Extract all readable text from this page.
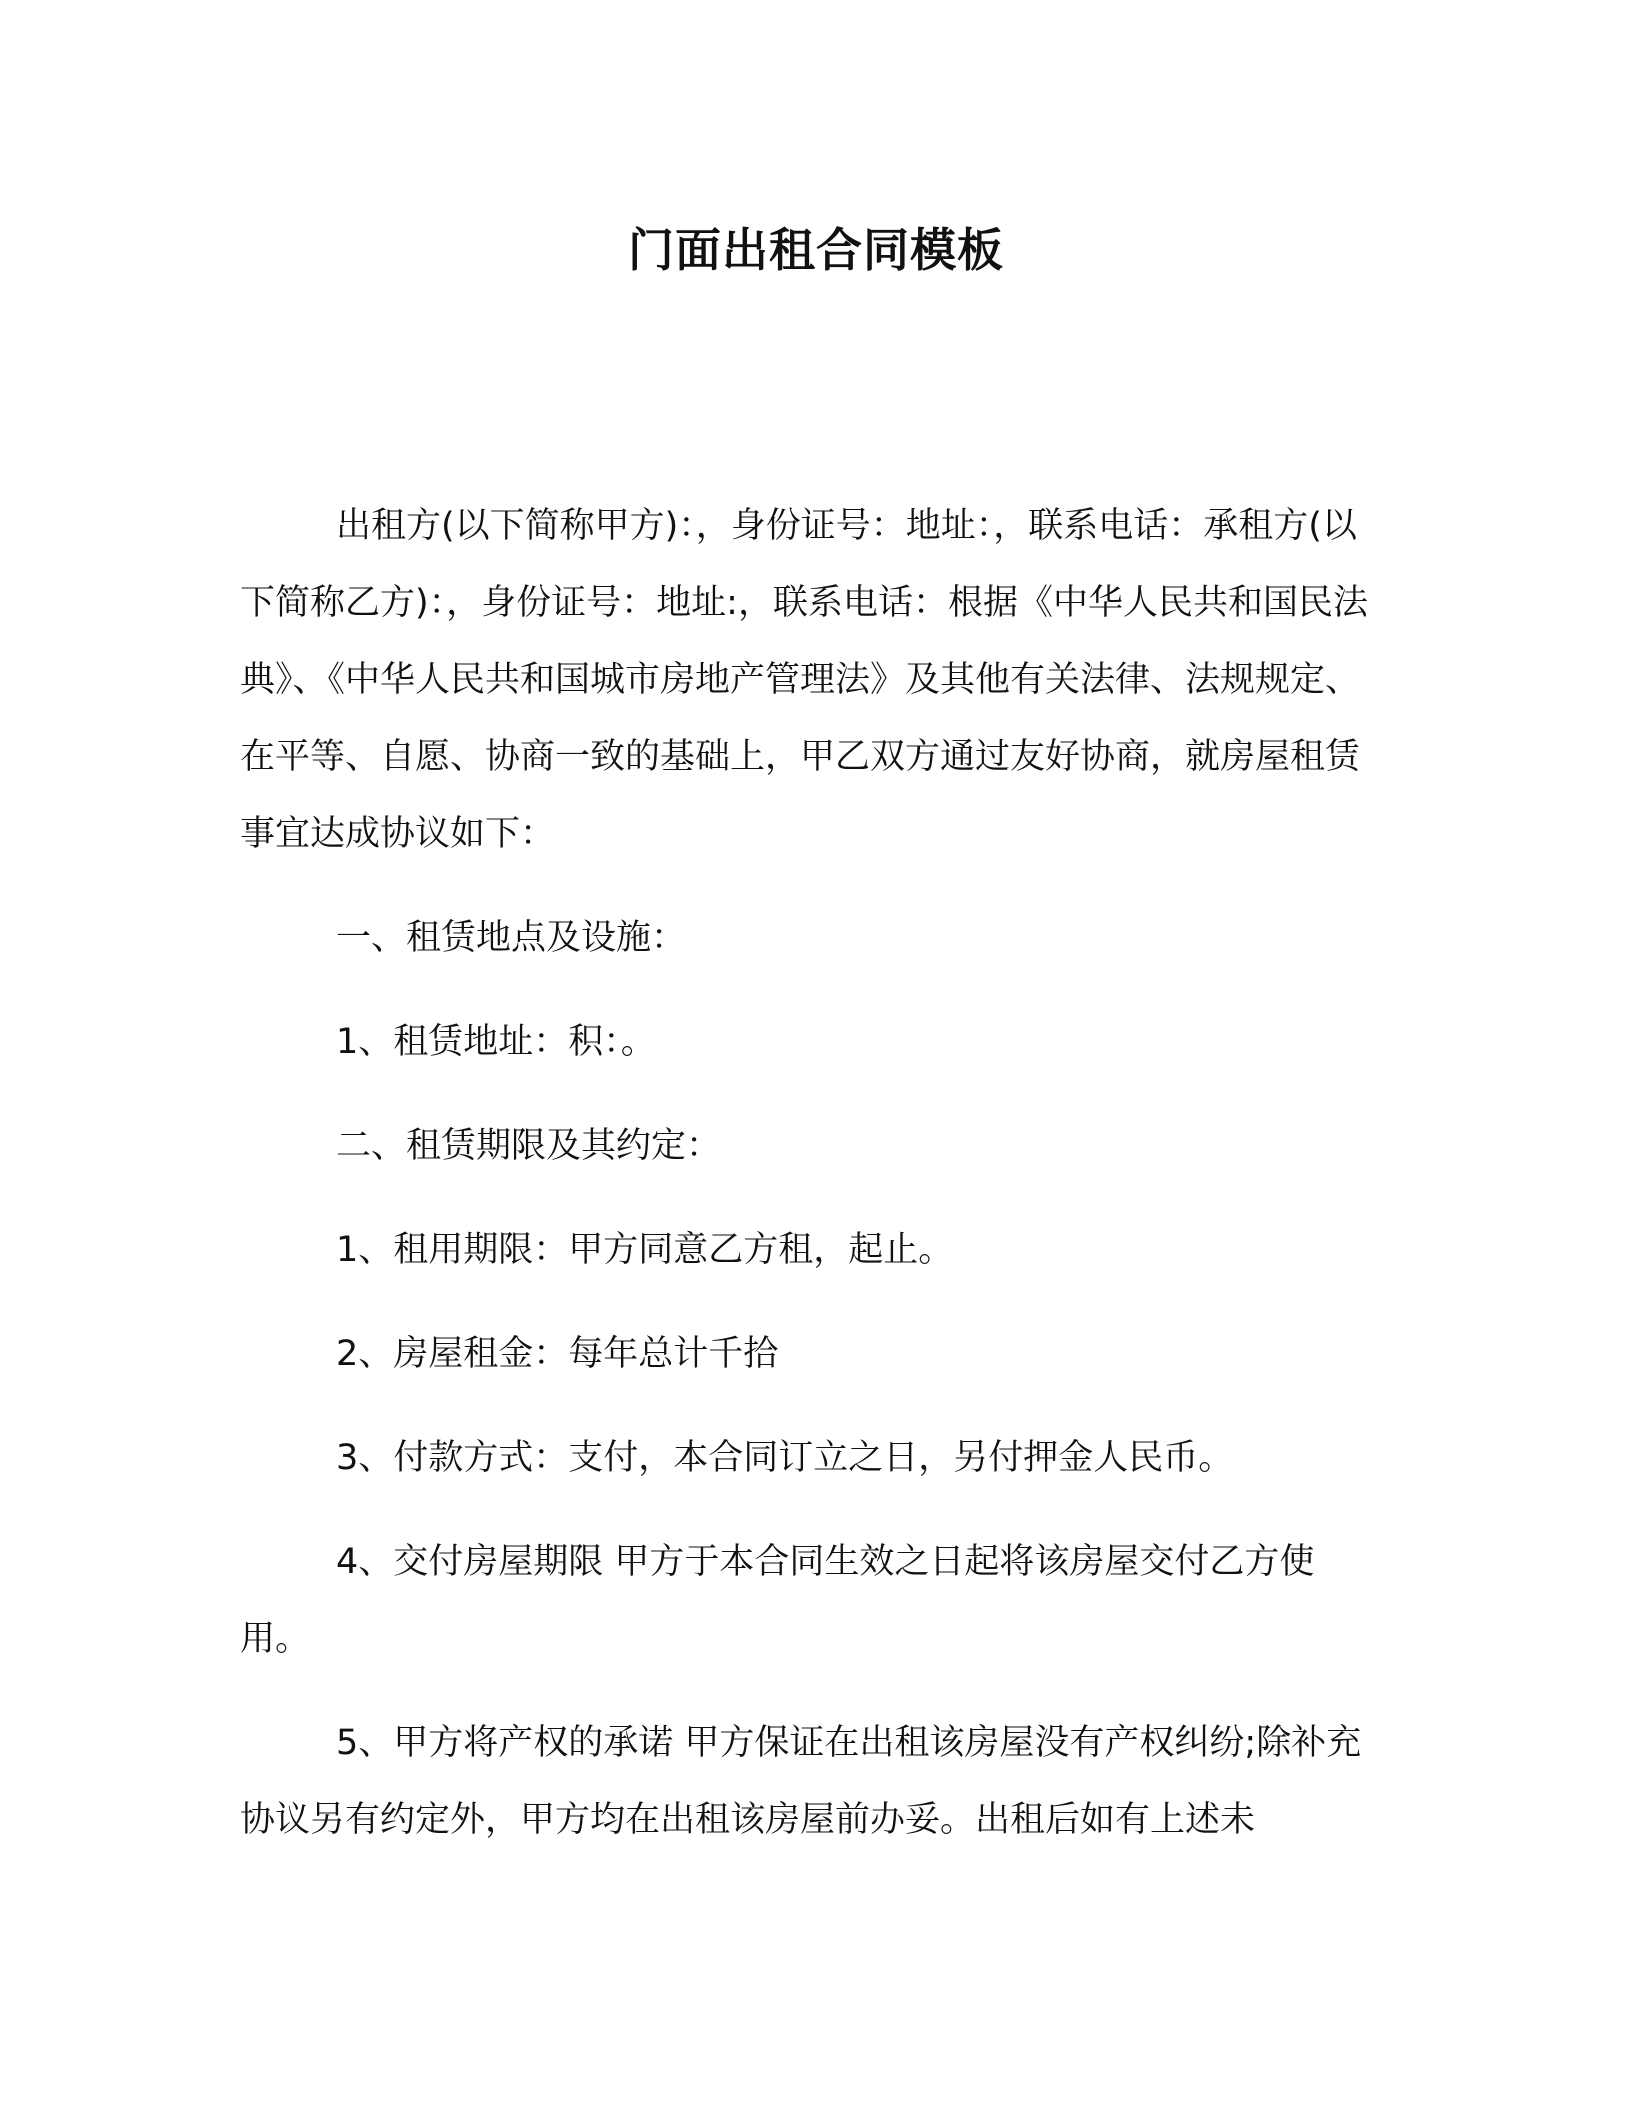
门面出租合同模板

出租方(以下简称甲方)：，身份证号：地址：，联系电话：承租方(以下简称乙方)：，身份证号：地址:，联系电话：根据《中华人民共和国民法典》、《中华人民共和国城市房地产管理法》及其他有关法律、法规规定、在平等、自愿、协商一致的基础上，甲乙双方通过友好协商，就房屋租赁事宜达成协议如下：

一、租赁地点及设施：

1、租赁地址：积：。

二、租赁期限及其约定：

1、租用期限：甲方同意乙方租，起止。

2、房屋租金：每年总计千拾

3、付款方式：支付，本合同订立之日，另付押金人民币。

4、交付房屋期限 甲方于本合同生效之日起将该房屋交付乙方使用。

5、甲方将产权的承诺 甲方保证在出租该房屋没有产权纠纷;除补充协议另有约定外，甲方均在出租该房屋前办妥。出租后如有上述未
